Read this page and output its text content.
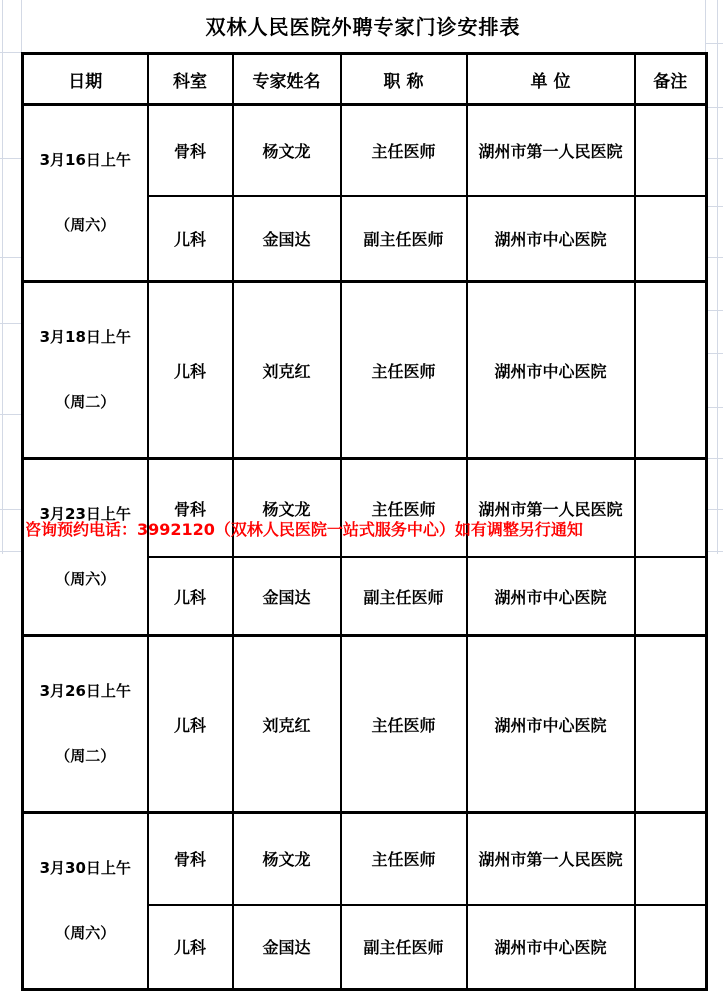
双林人民医院外聘专家门诊安排表
日期	科室	专家姓名	职 称	单 位	备注

3月16日上午

（周六）	骨科	杨文龙	主任医师	湖州市第一人民医院	
	儿科	金国达	副主任医师	湖州市中心医院	

3月18日上午

（周二）	儿科	刘克红	主任医师	湖州市中心医院	

3月23日上午

（周六）	骨科	杨文龙	主任医师	湖州市第一人民医院	
	儿科	金国达	副主任医师	湖州市中心医院	

3月26日上午

（周二）	儿科	刘克红	主任医师	湖州市中心医院	

3月30日上午

（周六）	骨科	杨文龙	主任医师	湖州市第一人民医院	
	儿科	金国达	副主任医师	湖州市中心医院	
咨询预约电话：3992120（双林人民医院一站式服务中心）如有调整另行通知
